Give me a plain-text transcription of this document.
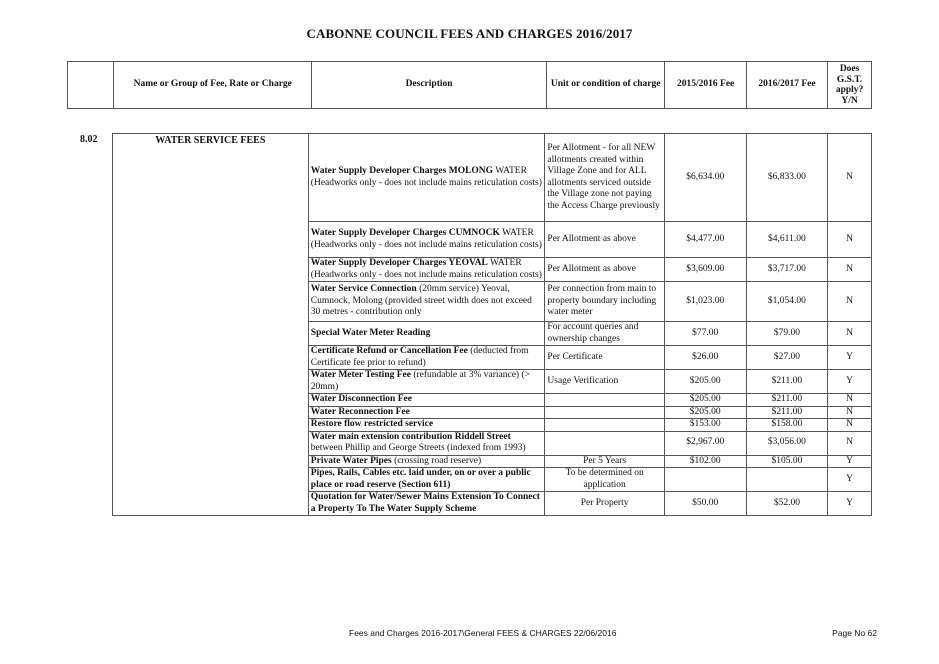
CABONNE COUNCIL FEES AND CHARGES 2016/2017
	Name or Group of Fee, Rate or Charge	Description	Unit or condition of charge	2015/2016 Fee	2016/2017 Fee	Does G.S.T. apply? Y/N
8.02	WATER SERVICE FEES	Water Supply Developer Charges MOLONG WATER (Headworks only - does not include mains reticulation costs)	Per Allotment - for all NEW allotments created within Village Zone and for ALL allotments serviced outside the Village zone not paying the Access Charge previously	$6,634.00	$6,833.00	N
	Water Supply Developer Charges CUMNOCK WATER (Headworks only - does not include mains reticulation costs)	Per Allotment as above	$4,477.00	$4,611.00	N
	Water Supply Developer Charges YEOVAL WATER (Headworks only - does not include mains reticulation costs)	Per Allotment as above	$3,609.00	$3,717.00	N
	Water Service Connection (20mm service) Yeoval, Cumnock, Molong (provided street width does not exceed 30 metres - contribution only	Per connection from main to property boundary including water meter	$1,023.00	$1,054.00	N
	Special Water Meter Reading	For account queries and ownership changes	$77.00	$79.00	N
	Certificate Refund or Cancellation Fee (deducted from Certificate fee prior to refund)	Per Certificate	$26.00	$27.00	Y
	Water Meter Testing Fee (refundable at 3% variance) (> 20mm)	Usage Verification	$205.00	$211.00	Y
	Water Disconnection Fee		$205.00	$211.00	N
	Water Reconnection Fee		$205.00	$211.00	N
	Restore flow restricted service		$153.00	$158.00	N
	Water main extension contribution Riddell Street between Phillip and George Streets (indexed from 1993)		$2,967.00	$3,056.00	N
	Private Water Pipes (crossing road reserve)	Per 5 Years	$102.00	$105.00	Y
	Pipes, Rails, Cables etc. laid under, on or over a public place or road reserve (Section 611)	To be determined on application			Y
	Quotation for Water/Sewer Mains Extension To Connect a Property To The Water Supply Scheme	Per Property	$50.00	$52.00	Y
Fees and Charges 2016-2017\General FEES & CHARGES 22/06/2016	Page No 62
